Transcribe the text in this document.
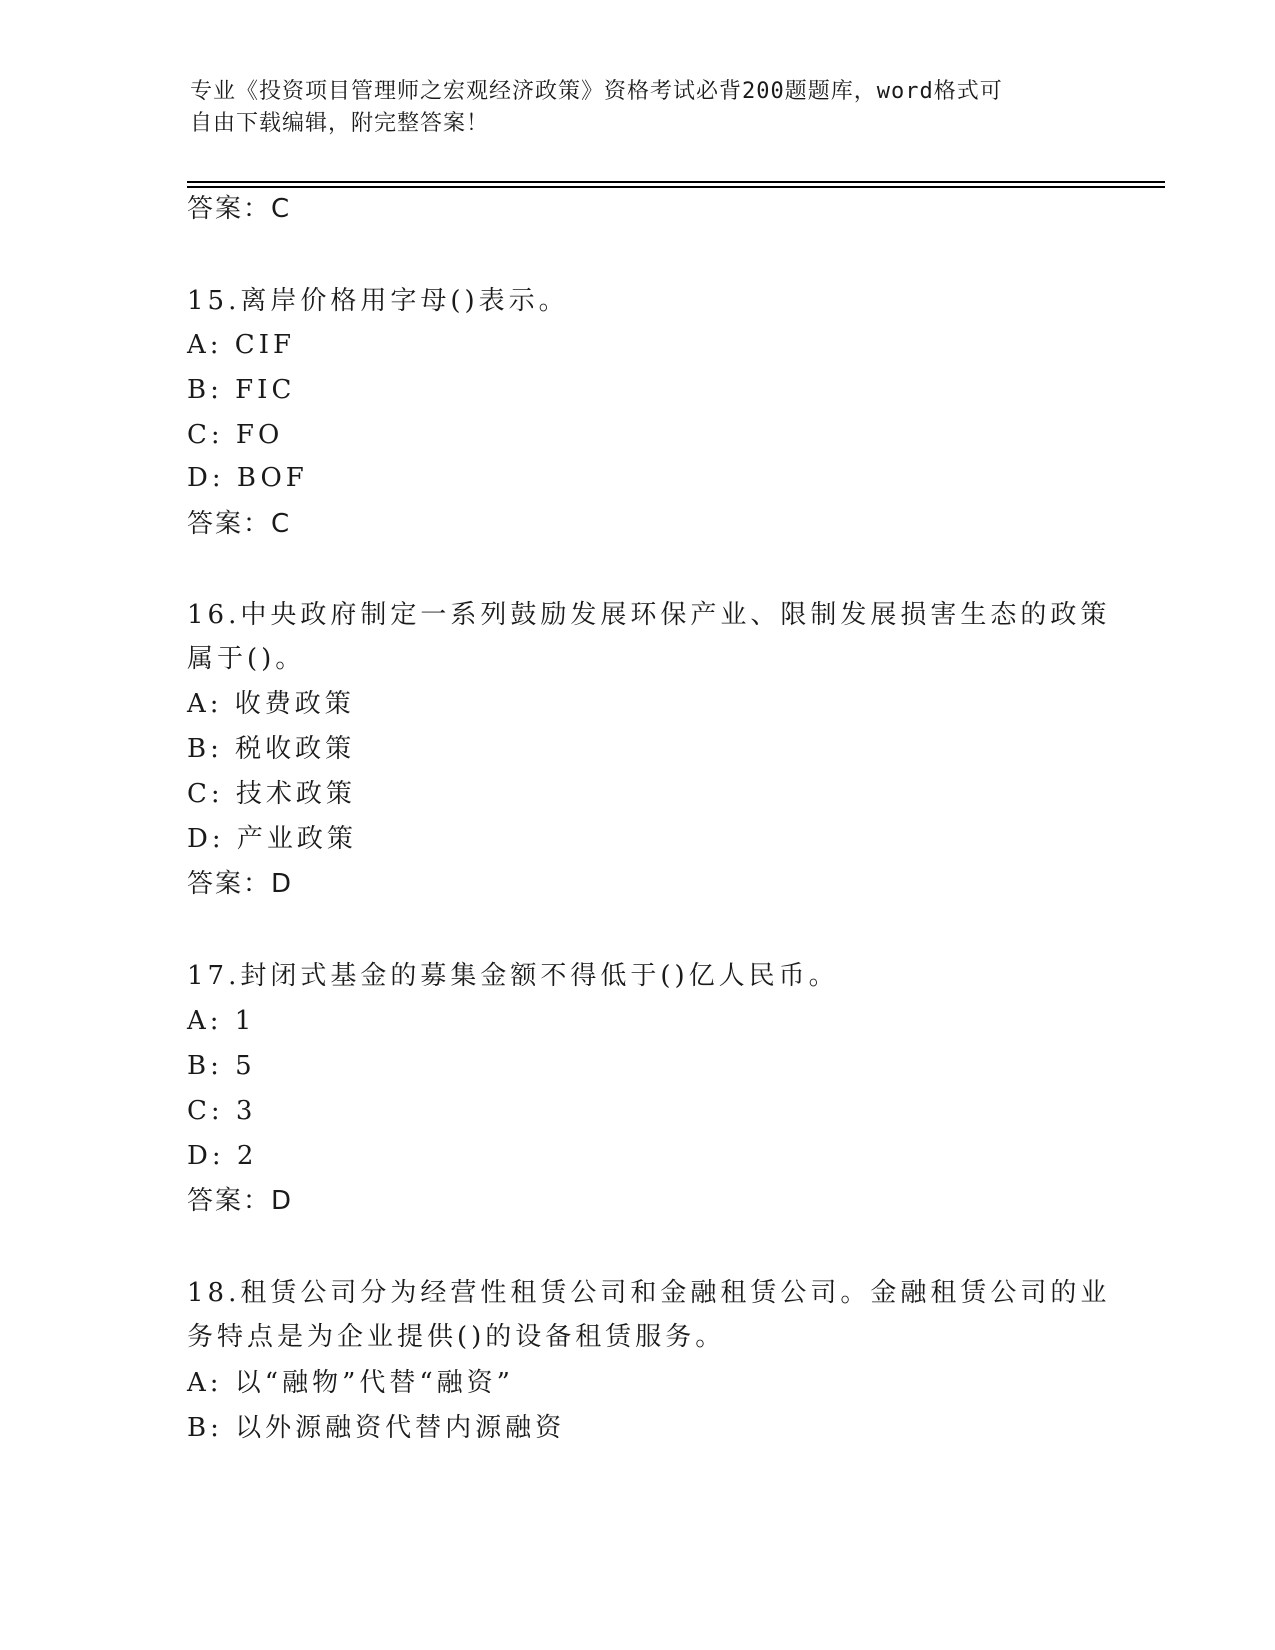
专业《投资项目管理师之宏观经济政策》资格考试必背200题题库，word格式可
自由下载编辑，附完整答案！
答案：C
15.离岸价格用字母()表示。
A: CIF
B: FIC
C: FO
D: BOF
答案：C
16.中央政府制定一系列鼓励发展环保产业、限制发展损害生态的政策
属于()。
A: 收费政策
B: 税收政策
C: 技术政策
D: 产业政策
答案：D
17.封闭式基金的募集金额不得低于()亿人民币。
A: 1
B: 5
C: 3
D: 2
答案：D
18.租赁公司分为经营性租赁公司和金融租赁公司。金融租赁公司的业
务特点是为企业提供()的设备租赁服务。
A: 以“融物”代替“融资”
B: 以外源融资代替内源融资
